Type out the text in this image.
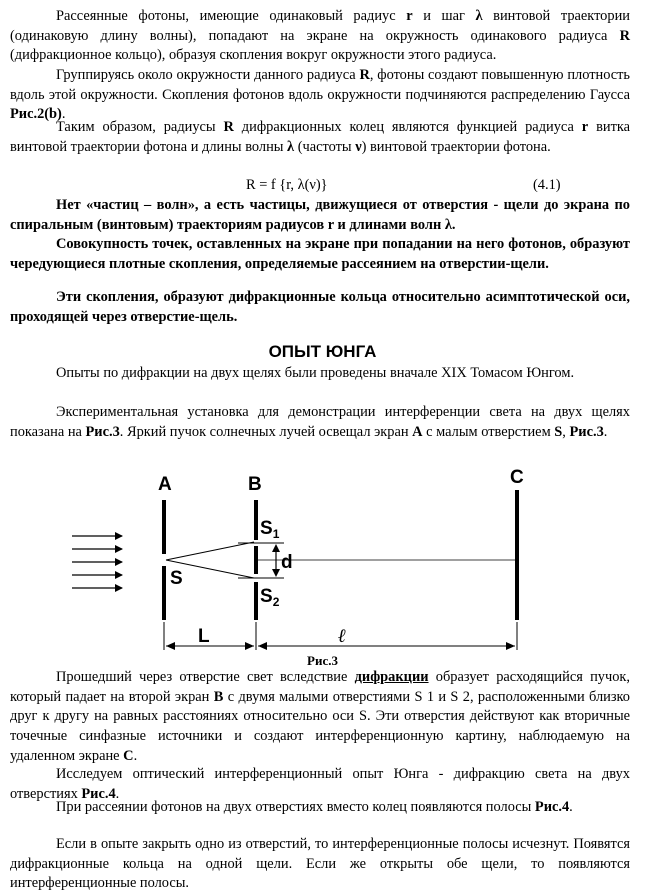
Рассеянные фотоны, имеющие одинаковый радиус r и шаг λ винтовой траектории (одинаковую длину волны), попадают на экране на окружность одинакового радиуса R (дифракционное кольцо), образуя скопления вокруг окружности этого радиуса.

Группируясь около окружности данного радиуса R, фотоны создают повышенную плотность вдоль этой окружности. Скопления фотонов вдоль окружности подчиняются распределению Гаусса Рис.2(b).

Таким образом, радиусы R дифракционных колец являются функцией радиуса r витка винтовой траектории фотона и длины волны λ (частоты ν) винтовой траектории фотона.

R = f {r, λ(ν)}	(4.1)

Нет «частиц – волн», а есть частицы, движущиеся от отверстия - щели до экрана по спиральным (винтовым) траекториям радиусов r и длинами волн λ.

Совокупность точек, оставленных на экране при попадании на него фотонов, образуют чередующиеся плотные скопления, определяемые рассеянием на отверстии-щели.

Эти скопления, образуют дифракционные кольца относительно асимптотической оси, проходящей через отверстие-щель.

ОПЫТ ЮНГА

Опыты по дифракции на двух щелях были проведены вначале XIX Томасом Юнгом.

Экспериментальная установка для демонстрации интерференции света на двух щелях показана на Рис.3. Яркий пучок солнечных лучей освещал экран А с малым отверстием S, Рис.3.

A	B	C
S
$S_1$
$S_2$
d
L	ℓ
Рис.3

Прошедший через отверстие свет вследствие дифракции образует расходящийся пучок, который падает на второй экран В с двумя малыми отверстиями S 1 и S 2, расположенными близко друг к другу на равных расстояниях относительно оси S. Эти отверстия действуют как вторичные точечные синфазные источники и создают интерференционную картину, наблюдаемую на удаленном экране С.

Исследуем оптический интерференционный опыт Юнга - дифракцию света на двух отверстиях Рис.4.

При рассеянии фотонов на двух отверстиях вместо колец появляются полосы Рис.4.

Если в опыте закрыть одно из отверстий, то интерференционные полосы исчезнут. Появятся дифракционные кольца на одной щели. Если же открыты обе щели, то появляются интерференционные полосы.
